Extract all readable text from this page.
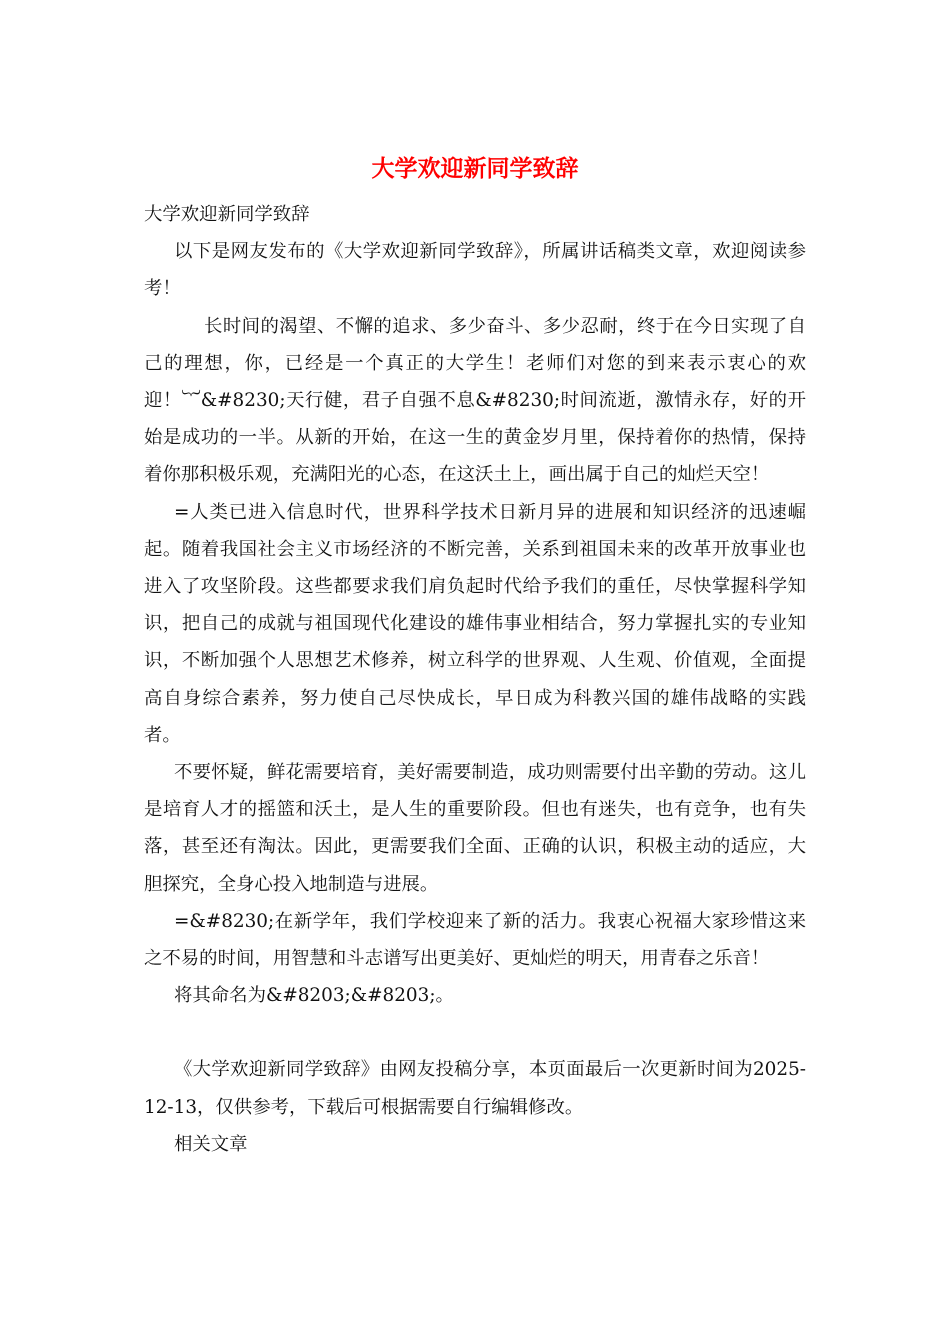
大学欢迎新同学致辞

大学欢迎新同学致辞

以下是网友发布的《大学欢迎新同学致辞》，所属讲话稿类文章，欢迎阅读参考！

长时间的渴望、不懈的追求、多少奋斗、多少忍耐，终于在今日实现了自己的理想，你，已经是一个真正的大学生！老师们对您的到来表示衷心的欢迎！︸&#8230;天行健，君子自强不息&#8230;时间流逝，激情永存，好的开始是成功的一半。从新的开始，在这一生的黄金岁月里，保持着你的热情，保持着你那积极乐观，充满阳光的心态，在这沃土上，画出属于自己的灿烂天空！

=人类已进入信息时代，世界科学技术日新月异的进展和知识经济的迅速崛起。随着我国社会主义市场经济的不断完善，关系到祖国未来的改革开放事业也进入了攻坚阶段。这些都要求我们肩负起时代给予我们的重任，尽快掌握科学知识，把自己的成就与祖国现代化建设的雄伟事业相结合，努力掌握扎实的专业知识，不断加强个人思想艺术修养，树立科学的世界观、人生观、价值观，全面提高自身综合素养，努力使自己尽快成长，早日成为科教兴国的雄伟战略的实践者。

不要怀疑，鲜花需要培育，美好需要制造，成功则需要付出辛勤的劳动。这儿是培育人才的摇篮和沃土，是人生的重要阶段。但也有迷失，也有竞争，也有失落，甚至还有淘汰。因此，更需要我们全面、正确的认识，积极主动的适应，大胆探究，全身心投入地制造与进展。

=&#8230;在新学年，我们学校迎来了新的活力。我衷心祝福大家珍惜这来之不易的时间，用智慧和斗志谱写出更美好、更灿烂的明天，用青春之乐音！

将其命名为&#8203;&#8203;。

《大学欢迎新同学致辞》由网友投稿分享，本页面最后一次更新时间为2025-12-13，仅供参考，下载后可根据需要自行编辑修改。

相关文章
